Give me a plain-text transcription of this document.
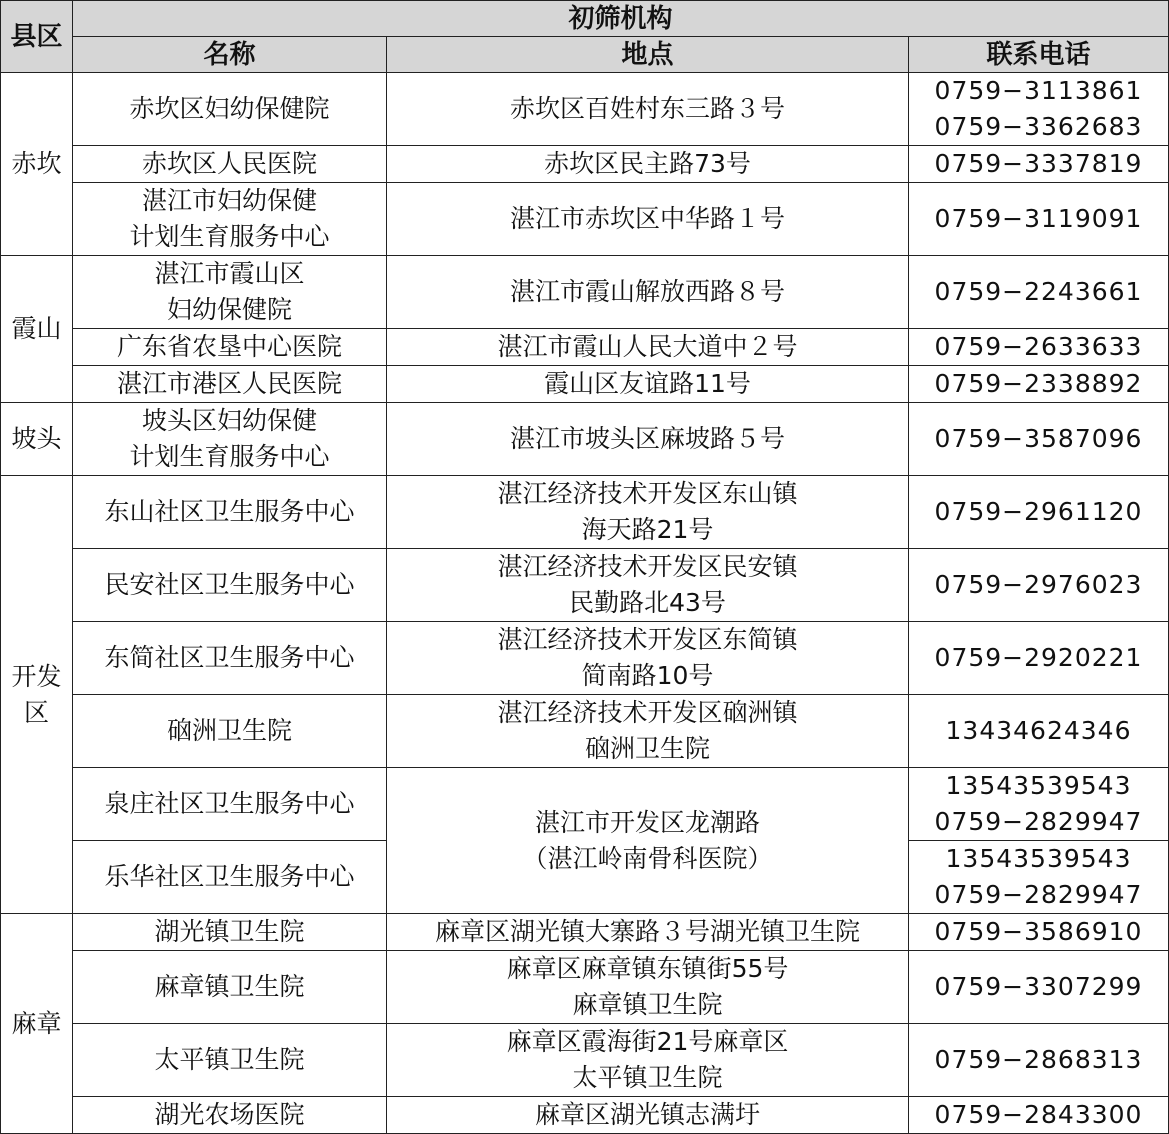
县区	初筛机构		
	名称	地点	联系电话

赤坎	赤坎区妇幼保健院	赤坎区百姓村东三路３号	0759−3113861
0759−3362683

	赤坎区人民医院	赤坎区民主路73号	0759−3337819

	湛江市妇幼保健
计划生育服务中心	湛江市赤坎区中华路１号	0759−3119091

霞山	湛江市霞山区
妇幼保健院	湛江市霞山解放西路８号	0759−2243661

	广东省农垦中心医院	湛江市霞山人民大道中２号	0759−2633633

	湛江市港区人民医院	霞山区友谊路11号	0759−2338892

坡头	坡头区妇幼保健
计划生育服务中心	湛江市坡头区麻坡路５号	0759−3587096

开发
区	东山社区卫生服务中心	湛江经济技术开发区东山镇
海天路21号	0759−2961120

	民安社区卫生服务中心	湛江经济技术开发区民安镇
民勤路北43号	0759−2976023

	东简社区卫生服务中心	湛江经济技术开发区东简镇
简南路10号	0759−2920221

	硇洲卫生院	湛江经济技术开发区硇洲镇
硇洲卫生院	13434624346

	泉庄社区卫生服务中心	湛江市开发区龙潮路
（湛江岭南骨科医院）	13543539543
0759−2829947

	乐华社区卫生服务中心		13543539543
0759−2829947

麻章	湖光镇卫生院	麻章区湖光镇大寨路３号湖光镇卫生院	0759−3586910

	麻章镇卫生院	麻章区麻章镇东镇街55号
麻章镇卫生院	0759−3307299

	太平镇卫生院	麻章区霞海街21号麻章区
太平镇卫生院	0759−2868313

	湖光农场医院	麻章区湖光镇志满圩	0759−2843300
